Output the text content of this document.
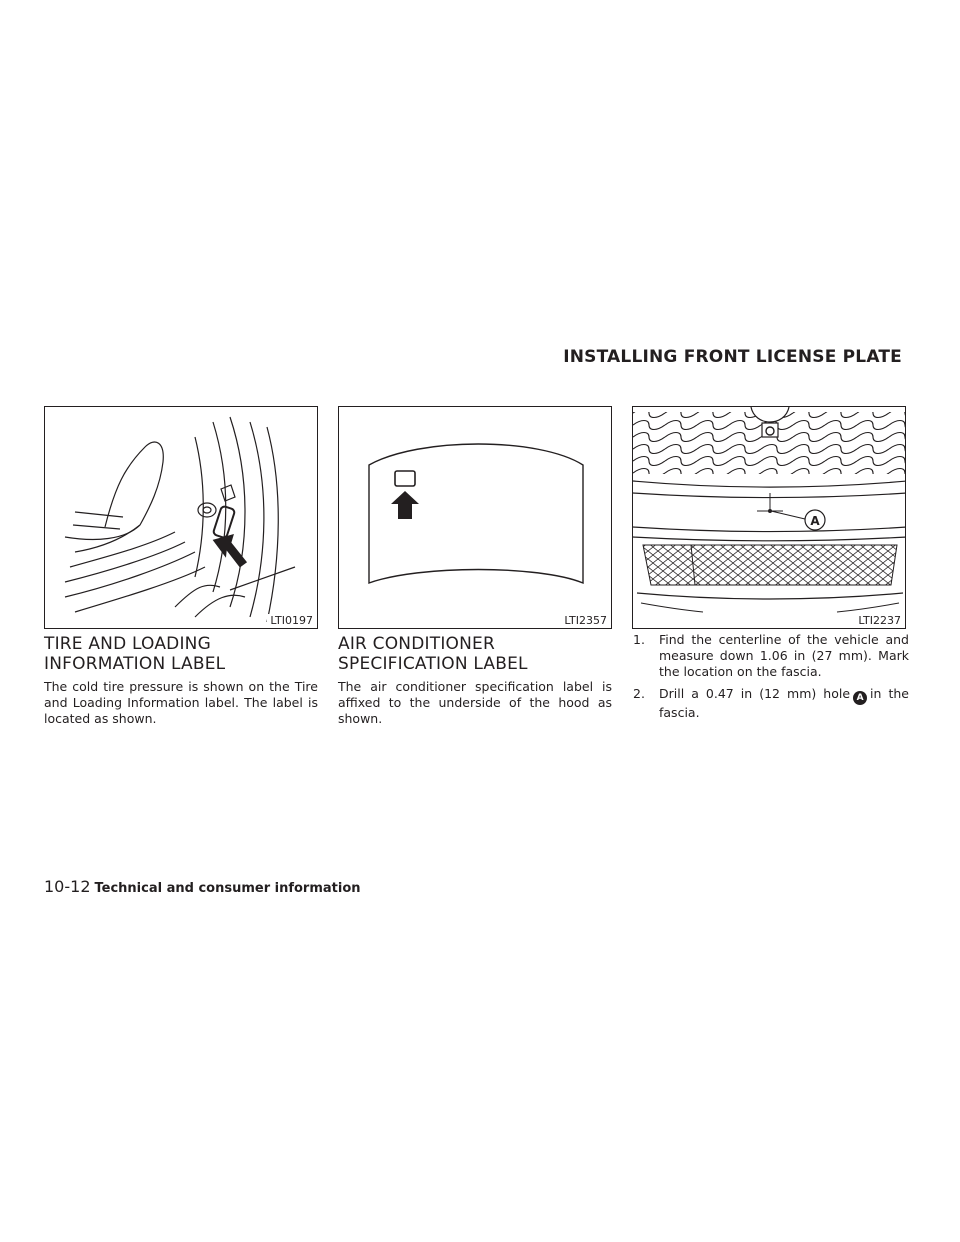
INSTALLING FRONT LICENSE PLATE
LTI0197	LTI2357
A
LTI2237
TIRE AND LOADING
INFORMATION LABEL

The cold tire pressure is shown on the Tire and Loading Information label. The label is located as shown.

AIR CONDITIONER
SPECIFICATION LABEL

The air conditioner specification label is affixed to the underside of the hood as shown.

1. Find the centerline of the vehicle and measure down 1.06 in (27 mm). Mark the location on the fascia.
2. Drill a 0.47 in (12 mm) hole A in the fascia.
10-12 Technical and consumer information
